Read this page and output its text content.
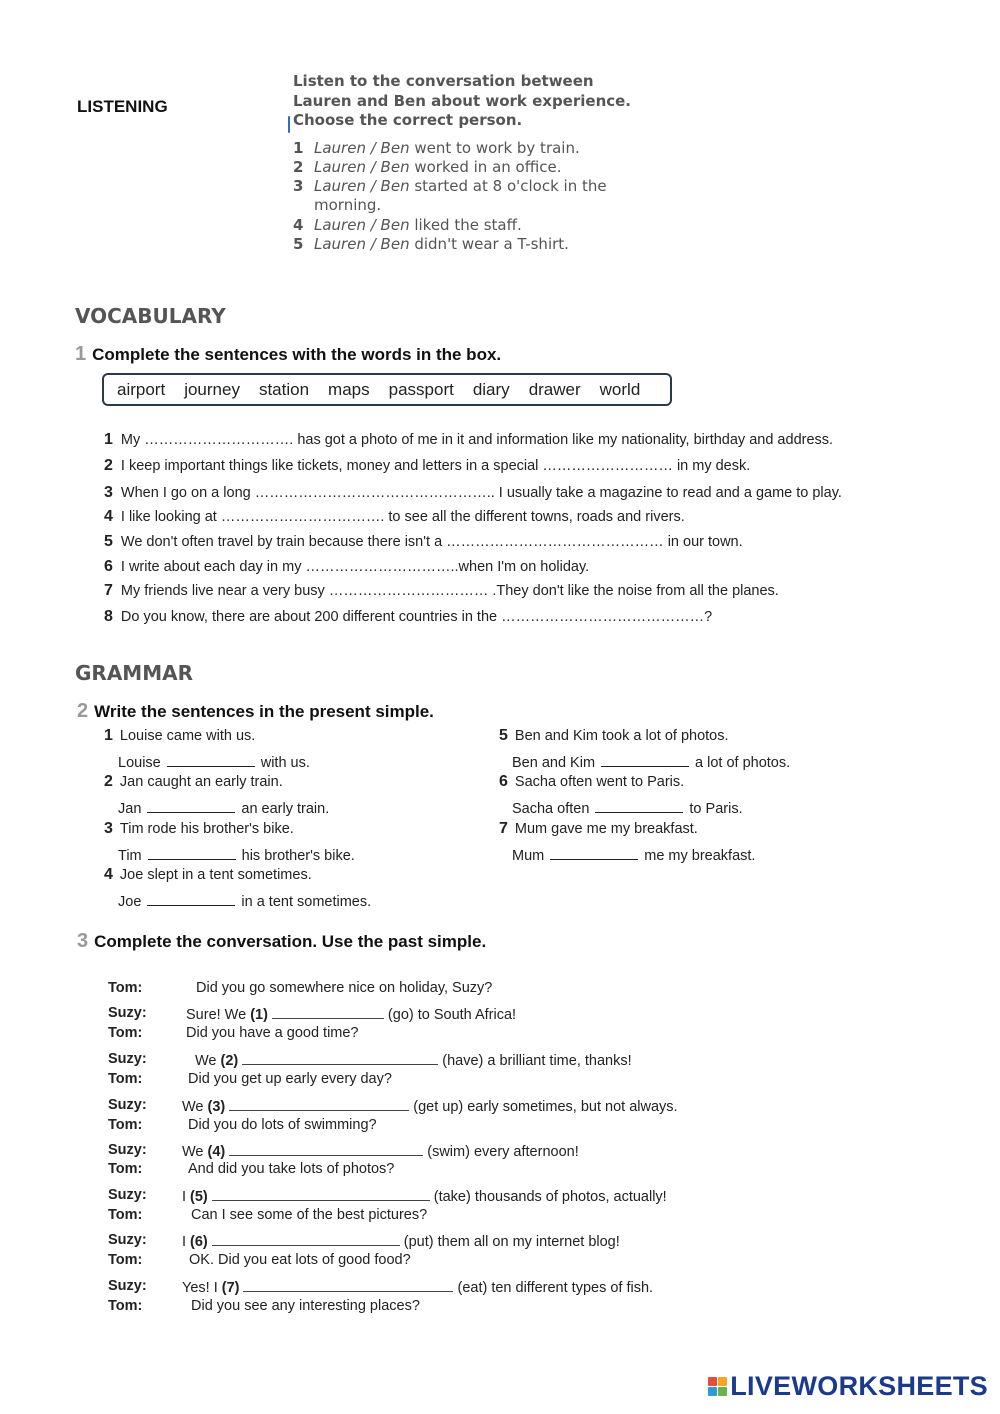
LISTENING
Listen to the conversation between Lauren and Ben about work experience. Choose the correct person.
1 Lauren / Ben went to work by train.
2 Lauren / Ben worked in an office.
3 Lauren / Ben started at 8 o'clock in the morning.
4 Lauren / Ben liked the staff.
5 Lauren / Ben didn't wear a T-shirt.
VOCABULARY
1 Complete the sentences with the words in the box.
airport journey station maps passport diary drawer world
1 My …………………………. has got a photo of me in it and information like my nationality, birthday and address.
2 I keep important things like tickets, money and letters in a special ……………………… in my desk.
3 When I go on a long ………………………………………….. I usually take a magazine to read and a game to play.
4 I like looking at ……………………………. to see all the different towns, roads and rivers.
5 We don't often travel by train because there isn't a ……………………………………… in our town.
6 I write about each day in my …………………………..when I'm on holiday.
7 My friends live near a very busy …………………………… .They don't like the noise from all the planes.
8 Do you know, there are about 200 different countries in the ……………………………………?
GRAMMAR
2 Write the sentences in the present simple.
1 Louise came with us.
Louise	with us.
2 Jan caught an early train.
Jan	an early train.
3 Tim rode his brother's bike.
Tim	his brother's bike.
4 Joe slept in a tent sometimes.
Joe	in a tent sometimes.
5 Ben and Kim took a lot of photos.
Ben and Kim	a lot of photos.
6 Sacha often went to Paris.
Sacha often	to Paris.
7 Mum gave me my breakfast.
Mum	me my breakfast.
3 Complete the conversation. Use the past simple.
Tom:	Did you go somewhere nice on holiday, Suzy?
Suzy:	Sure! We (1)	(go) to South Africa!
Tom:	Did you have a good time?
Suzy:	We (2)	(have) a brilliant time, thanks!
Tom:	Did you get up early every day?
Suzy: We (3)	(get up) early sometimes, but not always.
Tom:	Did you do lots of swimming?
Suzy: We (4)	(swim) every afternoon!
Tom:	And did you take lots of photos?
Suzy: I (5)	(take) thousands of photos, actually!
Tom:	Can I see some of the best pictures?
Suzy: I (6)	(put) them all on my internet blog!
Tom:	OK. Did you eat lots of good food?
Suzy: Yes! I (7)	(eat) ten different types of fish.
Tom:	Did you see any interesting places?
LIVEWORKSHEETS
